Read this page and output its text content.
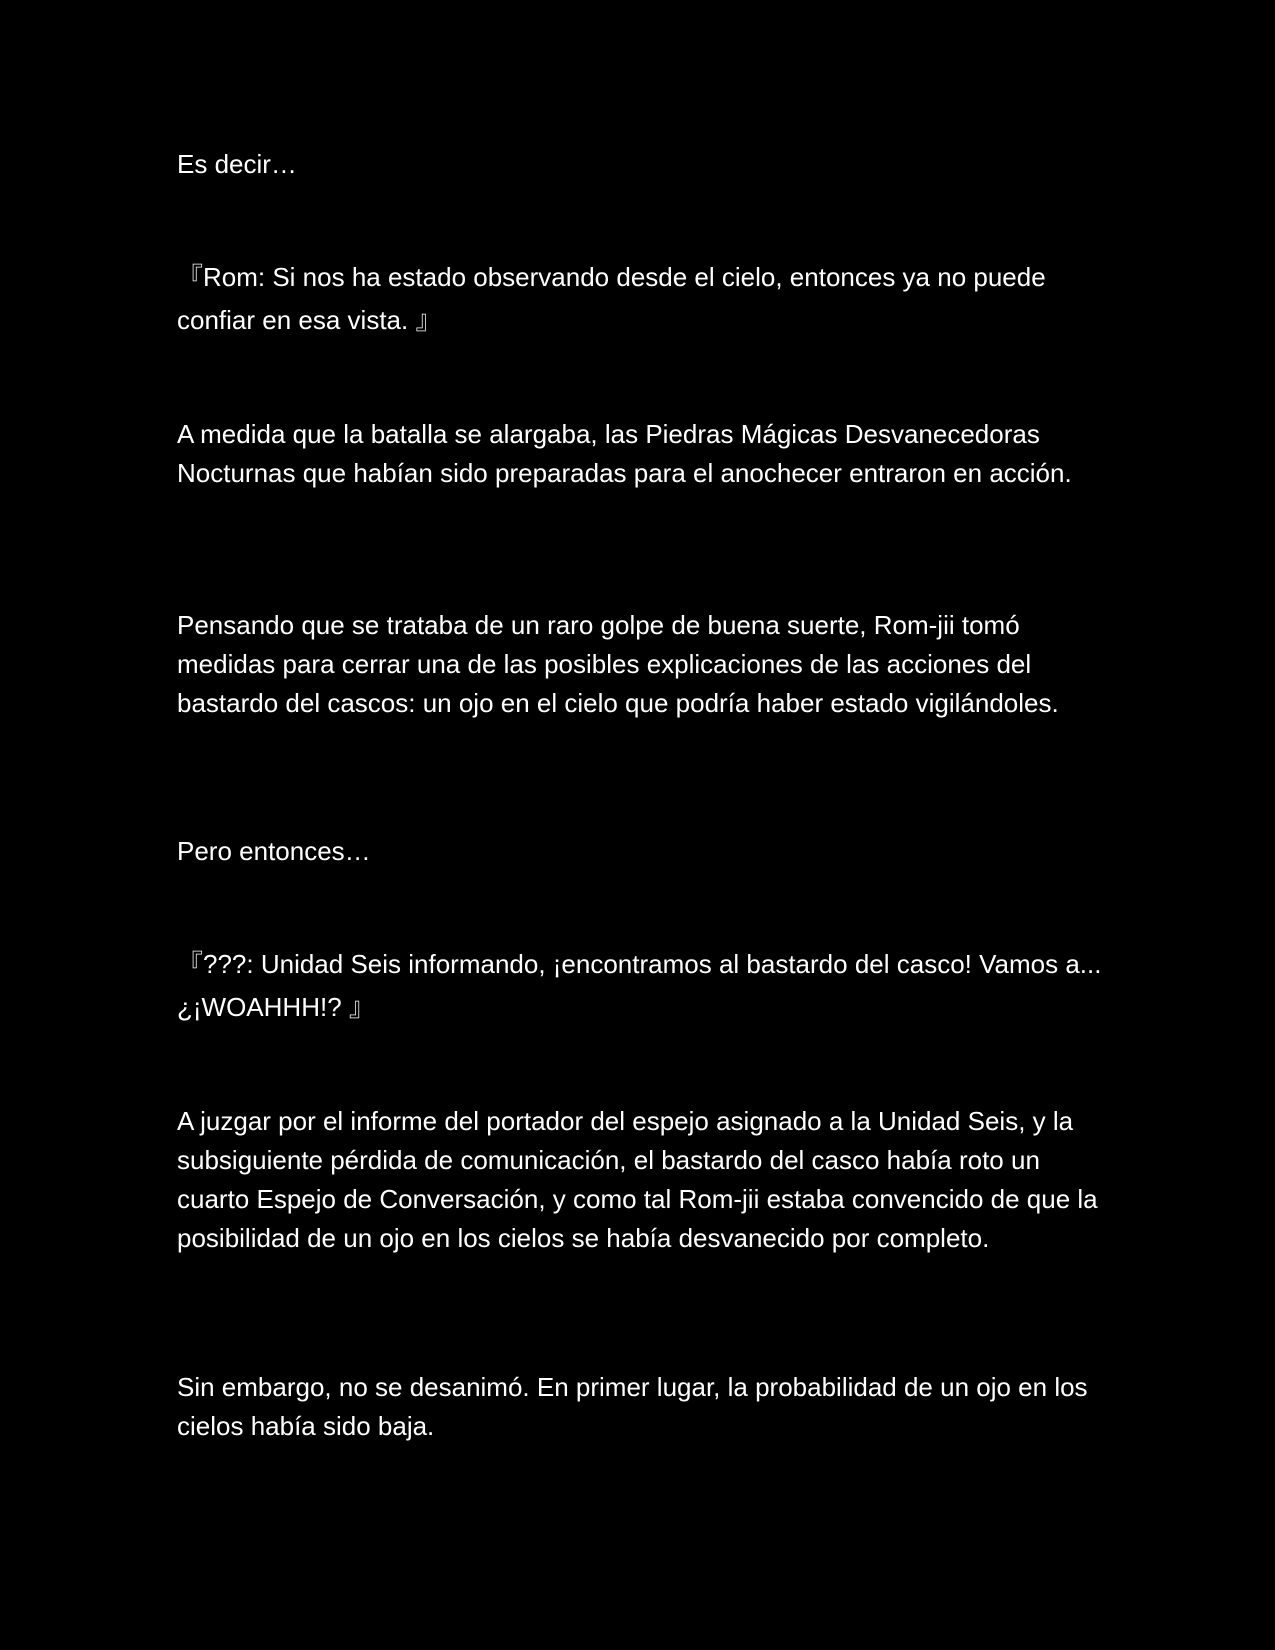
Es decir…

『Rom: Si nos ha estado observando desde el cielo, entonces ya no puede confiar en esa vista. 』

A medida que la batalla se alargaba, las Piedras Mágicas Desvanecedoras Nocturnas que habían sido preparadas para el anochecer entraron en acción.

Pensando que se trataba de un raro golpe de buena suerte, Rom-jii tomó medidas para cerrar una de las posibles explicaciones de las acciones del bastardo del cascos: un ojo en el cielo que podría haber estado vigilándoles.

Pero entonces…

『???: Unidad Seis informando, ¡encontramos al bastardo del casco! Vamos a... ¿¡WOAHHH!? 』

A juzgar por el informe del portador del espejo asignado a la Unidad Seis, y la subsiguiente pérdida de comunicación, el bastardo del casco había roto un cuarto Espejo de Conversación, y como tal Rom-jii estaba convencido de que la posibilidad de un ojo en los cielos se había desvanecido por completo.

Sin embargo, no se desanimó. En primer lugar, la probabilidad de un ojo en los cielos había sido baja.
